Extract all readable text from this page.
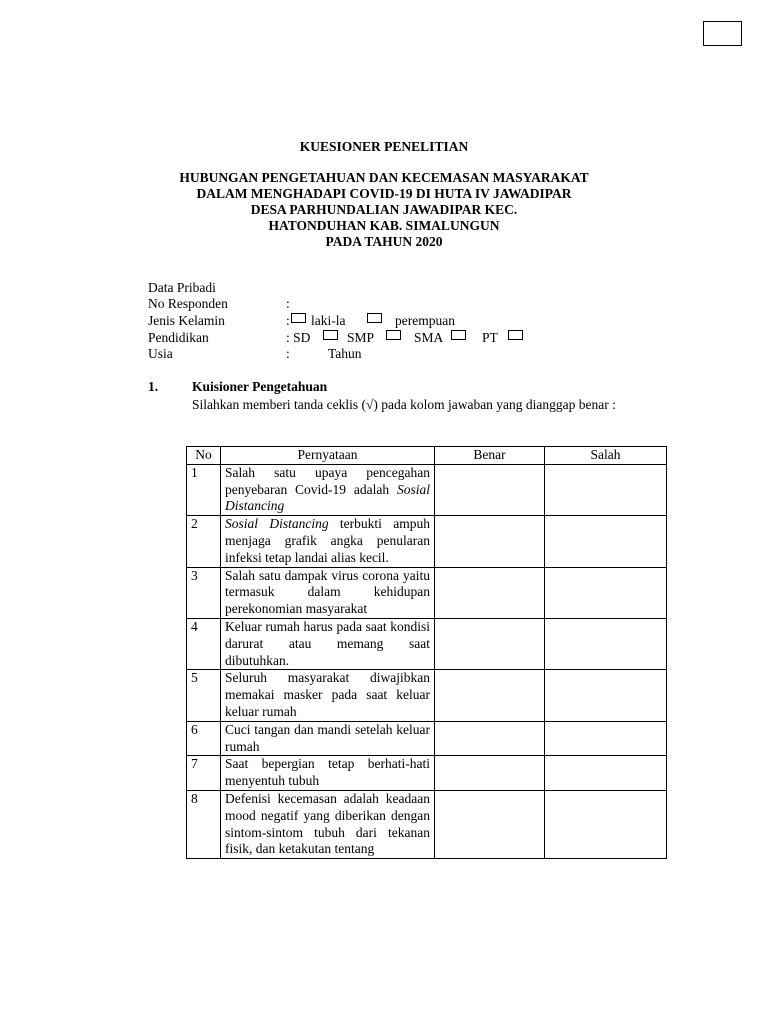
KUESIONER PENELITIAN
HUBUNGAN PENGETAHUAN DAN KECEMASAN MASYARAKAT
DALAM MENGHADAPI COVID-19 DI HUTA IV JAWADIPAR
DESA PARHUNDALIAN JAWADIPAR KEC.
HATONDUHAN KAB. SIMALUNGUN
PADA TAHUN 2020
Data Pribadi
No Responden	:
Jenis Kelamin	: laki-la	perempuan
Pendidikan	: SD	SMP	SMA	PT
Usia	:	Tahun
1.	Kuisioner Pengetahuan
Silahkan memberi tanda ceklis (√) pada kolom jawaban yang dianggap benar :
No	Pernyataan	Benar	Salah
1	Salah satu upaya pencegahan penyebaran Covid-19 adalah Sosial Distancing		
2	Sosial Distancing terbukti ampuh menjaga grafik angka penularan infeksi tetap landai alias kecil.		
3	Salah satu dampak virus corona yaitu termasuk dalam kehidupan perekonomian masyarakat		
4	Keluar rumah harus pada saat kondisi darurat atau memang saat dibutuhkan.		
5	Seluruh masyarakat diwajibkan memakai masker pada saat keluar keluar rumah		
6	Cuci tangan dan mandi setelah keluar rumah		
7	Saat bepergian tetap berhati-hati menyentuh tubuh		
8	Defenisi kecemasan adalah keadaan mood negatif yang diberikan dengan sintom-sintom tubuh dari tekanan fisik, dan ketakutan tentang		
